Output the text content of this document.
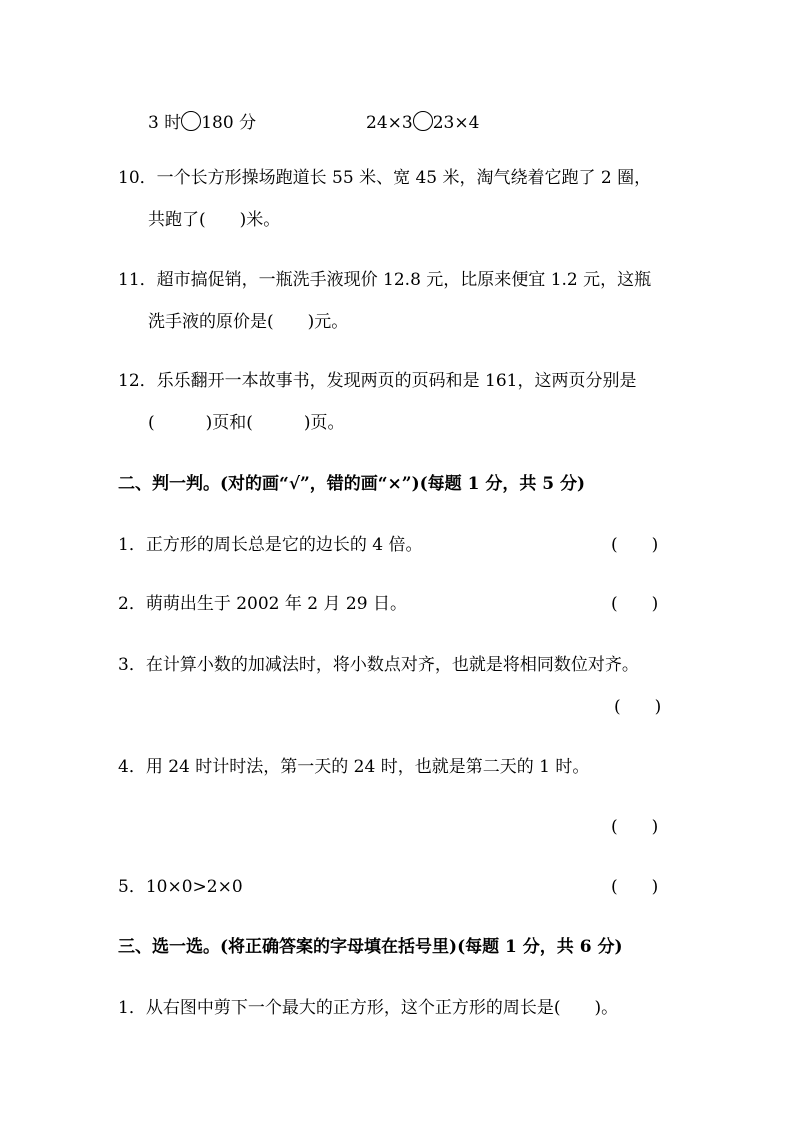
3 时 180 分	24×3 23×4
10．一个长方形操场跑道长 55 米、宽 45 米，淘气绕着它跑了 2 圈，
共跑了(　　)米。
11．超市搞促销，一瓶洗手液现价 12.8 元，比原来便宜 1.2 元，这瓶
洗手液的原价是(　　)元。
12．乐乐翻开一本故事书，发现两页的页码和是 161，这两页分别是
(　　　)页和(　　　)页。
二、判一判。(对的画“√”，错的画“×”)(每题 1 分，共 5 分)
1．正方形的周长总是它的边长的 4 倍。	(　　)
2．萌萌出生于 2002 年 2 月 29 日。	(　　)
3．在计算小数的加减法时，将小数点对齐，也就是将相同数位对齐。
(　　)
4．用 24 时计时法，第一天的 24 时，也就是第二天的 1 时。
(　　)
5．10×0>2×0	(　　)
三、选一选。(将正确答案的字母填在括号里)(每题 1 分，共 6 分)
1．从右图中剪下一个最大的正方形，这个正方形的周长是(　　)。
